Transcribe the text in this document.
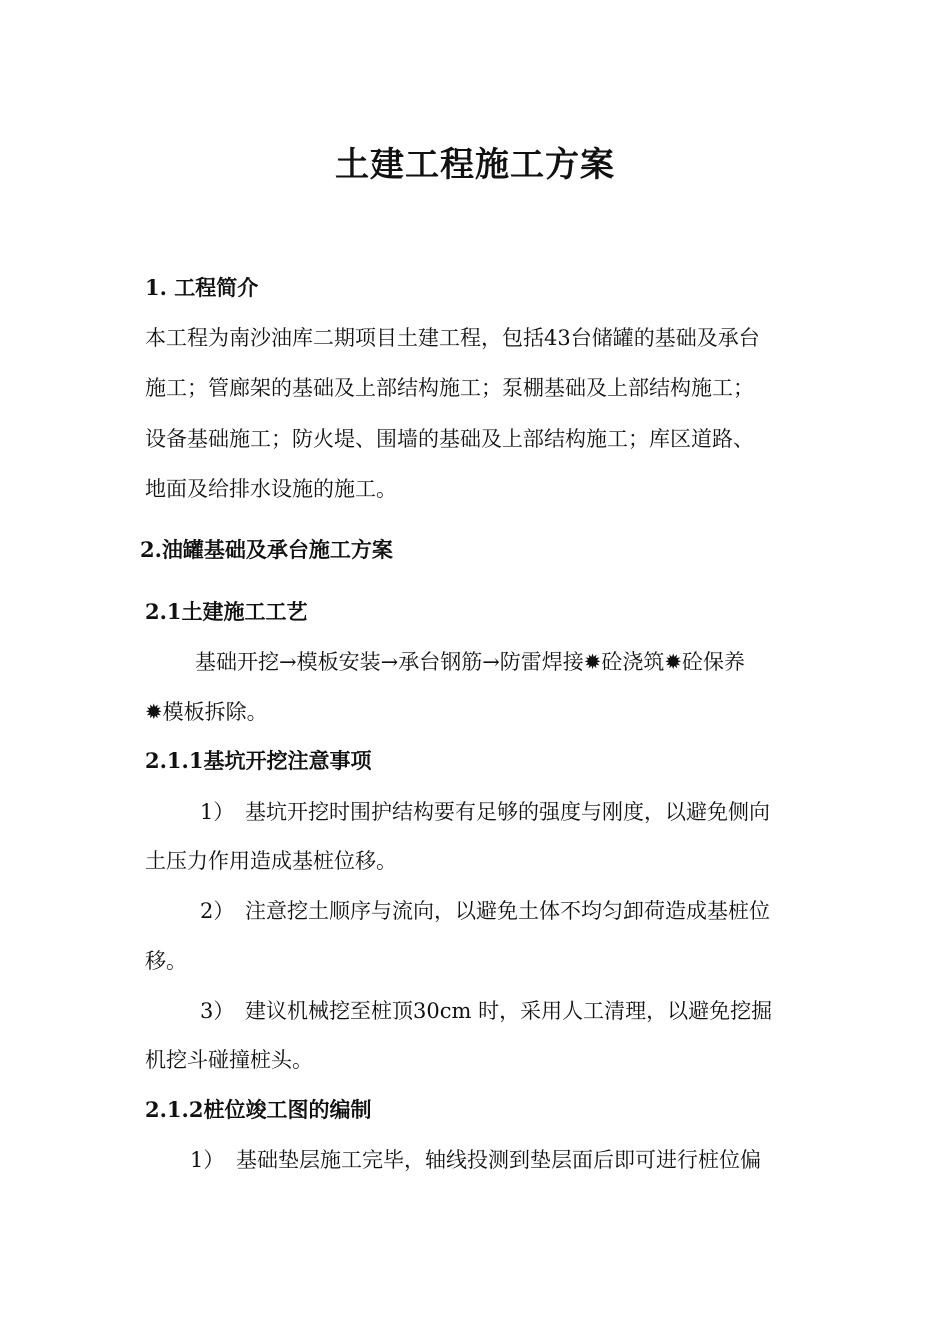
土建工程施工方案
1. 工程简介
本工程为南沙油库二期项目土建工程，包括43台储罐的基础及承台
施工；管廊架的基础及上部结构施工；泵棚基础及上部结构施工；
设备基础施工；防火堤、围墙的基础及上部结构施工；库区道路、
地面及给排水设施的施工。
2.油罐基础及承台施工方案
2.1土建施工工艺
基础开挖→模板安装→承台钢筋→防雷焊接✹砼浇筑✹砼保养
✹模板拆除。
2.1.1基坑开挖注意事项
1） 基坑开挖时围护结构要有足够的强度与刚度，以避免侧向
土压力作用造成基桩位移。
2） 注意挖土顺序与流向，以避免土体不均匀卸荷造成基桩位
移。
3） 建议机械挖至桩顶30cm 时，采用人工清理，以避免挖掘
机挖斗碰撞桩头。
2.1.2桩位竣工图的编制
1） 基础垫层施工完毕，轴线投测到垫层面后即可进行桩位偏
